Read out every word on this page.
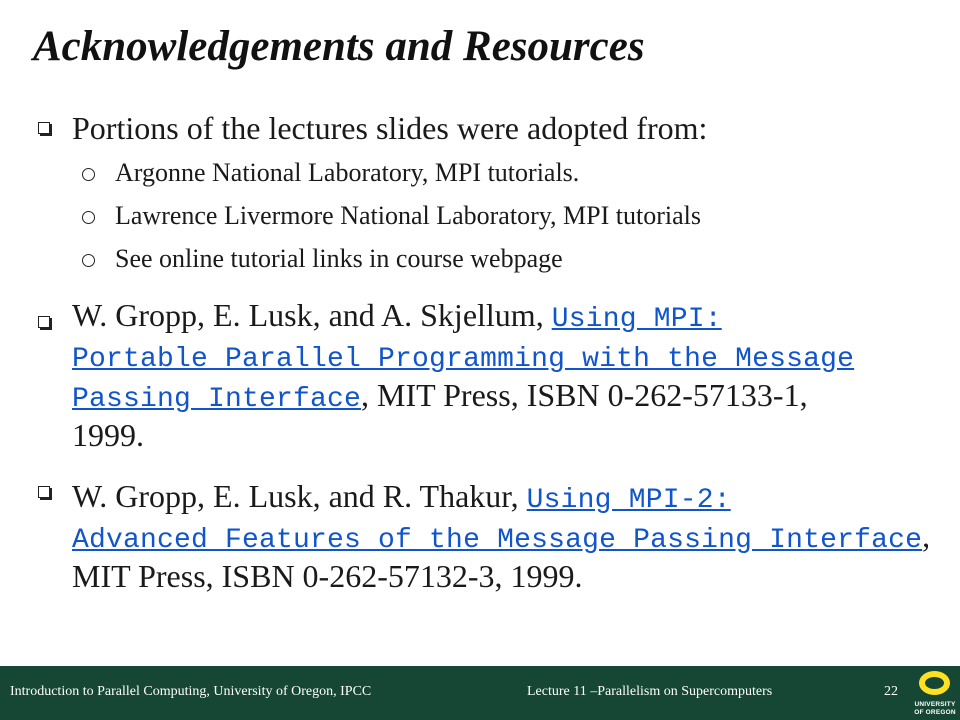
Acknowledgements and Resources
Portions of the lectures slides were adopted from:
Argonne National Laboratory, MPI tutorials.
Lawrence Livermore National Laboratory, MPI tutorials
See online tutorial links in course webpage
W. Gropp, E. Lusk, and A. Skjellum, Using MPI:
Portable Parallel Programming with the Message
Passing Interface, MIT Press, ISBN 0-262-57133-1,
1999.
W. Gropp, E. Lusk, and R. Thakur, Using MPI-2:
Advanced Features of the Message Passing Interface,
MIT Press, ISBN 0-262-57132-3, 1999.
Introduction to Parallel Computing, University of Oregon, IPCC	Lecture 11 –Parallelism on Supercomputers	22
UNIVERSITY
OF OREGON
